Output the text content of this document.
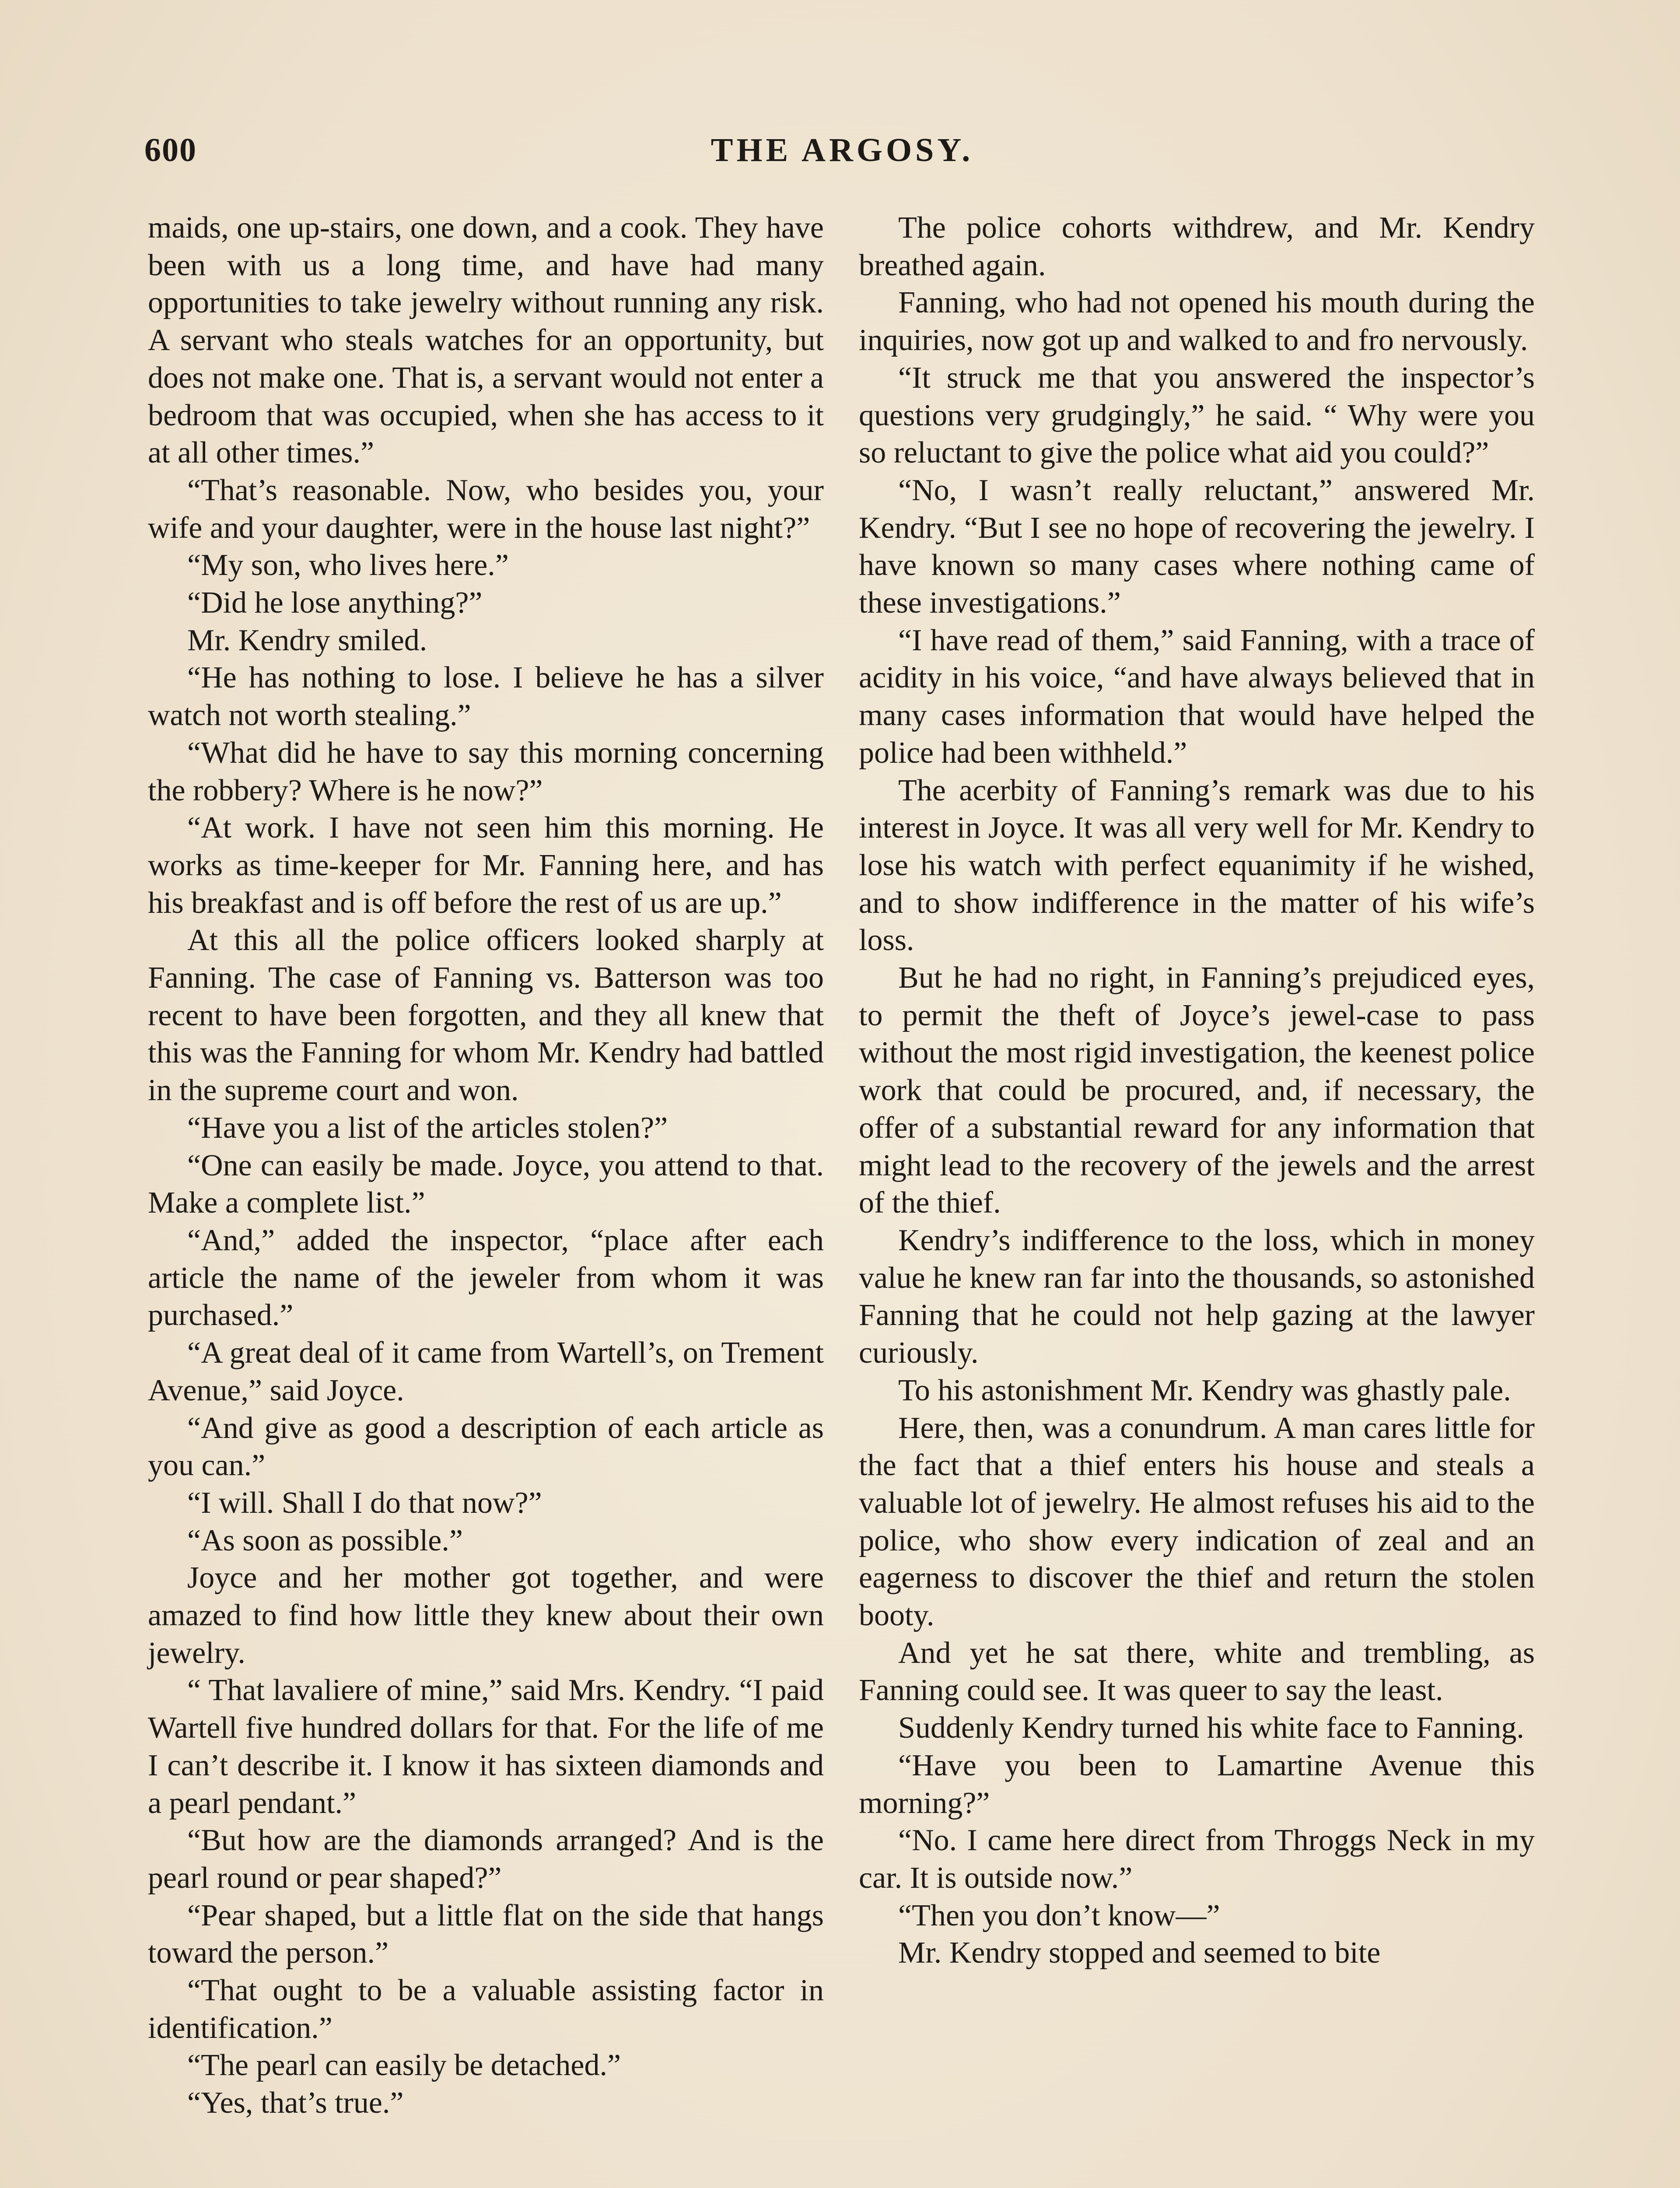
600	THE ARGOSY.

maids, one up-stairs, one down, and a cook. They have been with us a long time, and have had many opportunities to take jewelry without running any risk. A servant who steals watches for an opportunity, but does not make one. That is, a servant would not enter a bedroom that was occupied, when she has access to it at all other times.”

“That’s reasonable. Now, who besides you, your wife and your daughter, were in the house last night?”

“My son, who lives here.”

“Did he lose anything?”

Mr. Kendry smiled.

“He has nothing to lose. I believe he has a silver watch not worth stealing.”

“What did he have to say this morning concerning the robbery? Where is he now?”

“At work. I have not seen him this morning. He works as time-keeper for Mr. Fanning here, and has his breakfast and is off before the rest of us are up.”

At this all the police officers looked sharply at Fanning. The case of Fanning vs. Batterson was too recent to have been forgotten, and they all knew that this was the Fanning for whom Mr. Kendry had battled in the supreme court and won.

“Have you a list of the articles stolen?”

“One can easily be made. Joyce, you attend to that. Make a complete list.”

“And,” added the inspector, “place after each article the name of the jeweler from whom it was purchased.”

“A great deal of it came from Wartell’s, on Trement Avenue,” said Joyce.

“And give as good a description of each article as you can.”

“I will. Shall I do that now?”

“As soon as possible.”

Joyce and her mother got together, and were amazed to find how little they knew about their own jewelry.

“ That lavaliere of mine,” said Mrs. Kendry. “I paid Wartell five hundred dollars for that. For the life of me I can’t describe it. I know it has sixteen diamonds and a pearl pendant.”

“But how are the diamonds arranged? And is the pearl round or pear shaped?”

“Pear shaped, but a little flat on the side that hangs toward the person.”

“That ought to be a valuable assisting factor in identification.”

“The pearl can easily be detached.”

“Yes, that’s true.”

The police cohorts withdrew, and Mr. Kendry breathed again.

Fanning, who had not opened his mouth during the inquiries, now got up and walked to and fro nervously.

“It struck me that you answered the inspector’s questions very grudgingly,” he said. “ Why were you so reluctant to give the police what aid you could?”

“No, I wasn’t really reluctant,” answered Mr. Kendry. “But I see no hope of recovering the jewelry. I have known so many cases where nothing came of these investigations.”

“I have read of them,” said Fanning, with a trace of acidity in his voice, “and have always believed that in many cases information that would have helped the police had been withheld.”

The acerbity of Fanning’s remark was due to his interest in Joyce. It was all very well for Mr. Kendry to lose his watch with perfect equanimity if he wished, and to show indifference in the matter of his wife’s loss.

But he had no right, in Fanning’s prejudiced eyes, to permit the theft of Joyce’s jewel-case to pass without the most rigid investigation, the keenest police work that could be procured, and, if necessary, the offer of a substantial reward for any information that might lead to the recovery of the jewels and the arrest of the thief.

Kendry’s indifference to the loss, which in money value he knew ran far into the thousands, so astonished Fanning that he could not help gazing at the lawyer curiously.

To his astonishment Mr. Kendry was ghastly pale.

Here, then, was a conundrum. A man cares little for the fact that a thief enters his house and steals a valuable lot of jewelry. He almost refuses his aid to the police, who show every indication of zeal and an eagerness to discover the thief and return the stolen booty.

And yet he sat there, white and trembling, as Fanning could see. It was queer to say the least.

Suddenly Kendry turned his white face to Fanning.

“Have you been to Lamartine Avenue this morning?”

“No. I came here direct from Throggs Neck in my car. It is outside now.”

“Then you don’t know—”

Mr. Kendry stopped and seemed to bite
